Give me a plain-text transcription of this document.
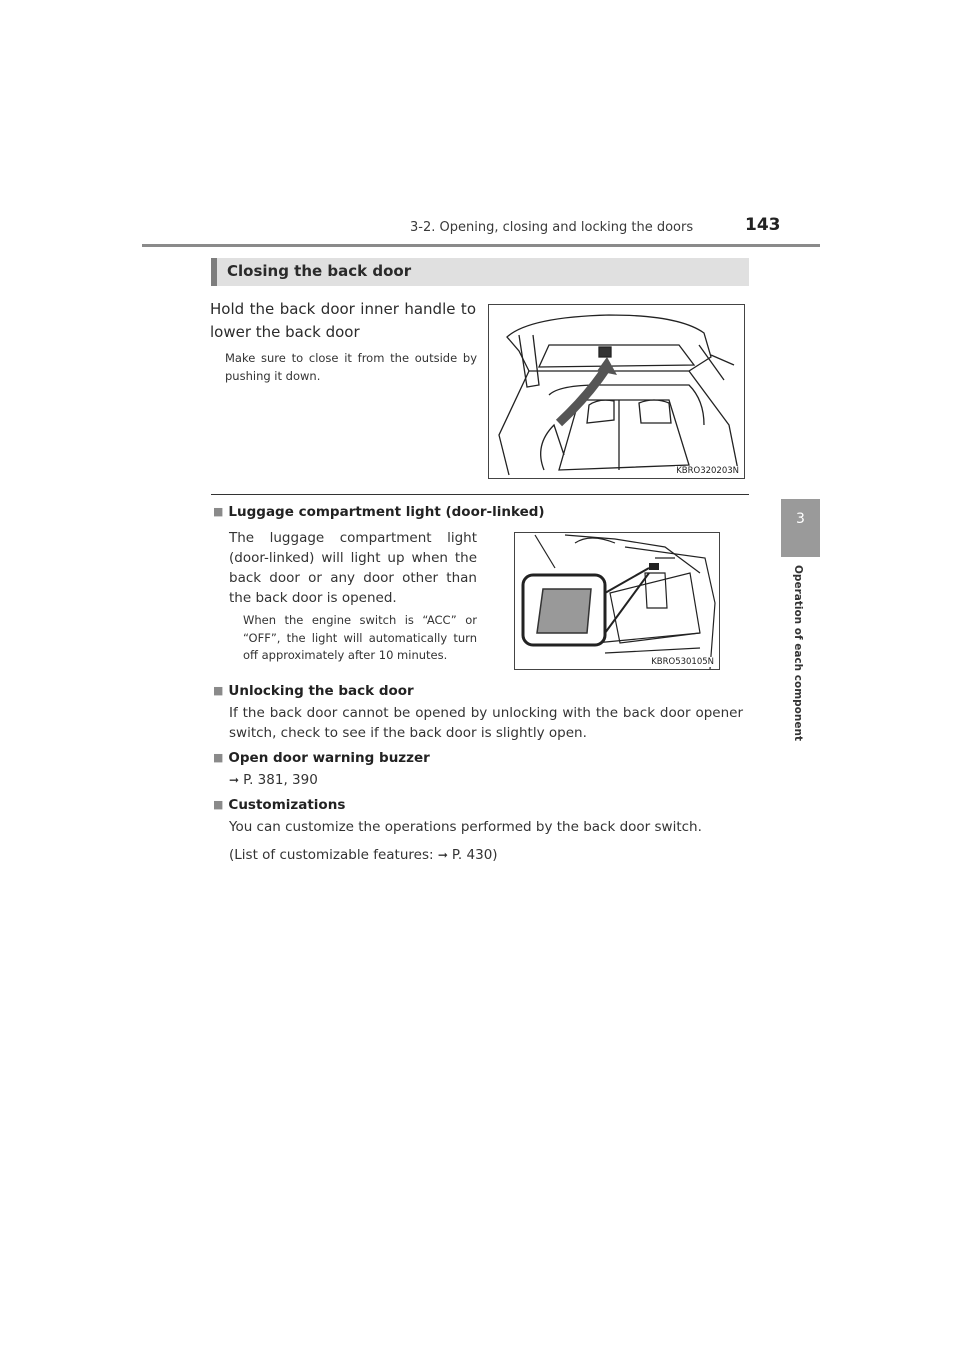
3-2. Opening, closing and locking the doors	143
3
Operation of each component
Closing the back door
Hold the back door inner handle to lower the back door
Make sure to close it from the outside by pushing it down.
KBRO320203N
■ Luggage compartment light (door-linked)
The luggage compartment light (door-linked) will light up when the back door or any door other than the back door is opened.
When the engine switch is “ACC” or “OFF”, the light will automatically turn off approximately after 10 minutes.	KBRO530105N
■ Unlocking the back door
If the back door cannot be opened by unlocking with the back door opener switch, check to see if the back door is slightly open.
■ Open door warning buzzer
➞ P. 381, 390
■ Customizations
You can customize the operations performed by the back door switch.
(List of customizable features: ➞ P. 430)
